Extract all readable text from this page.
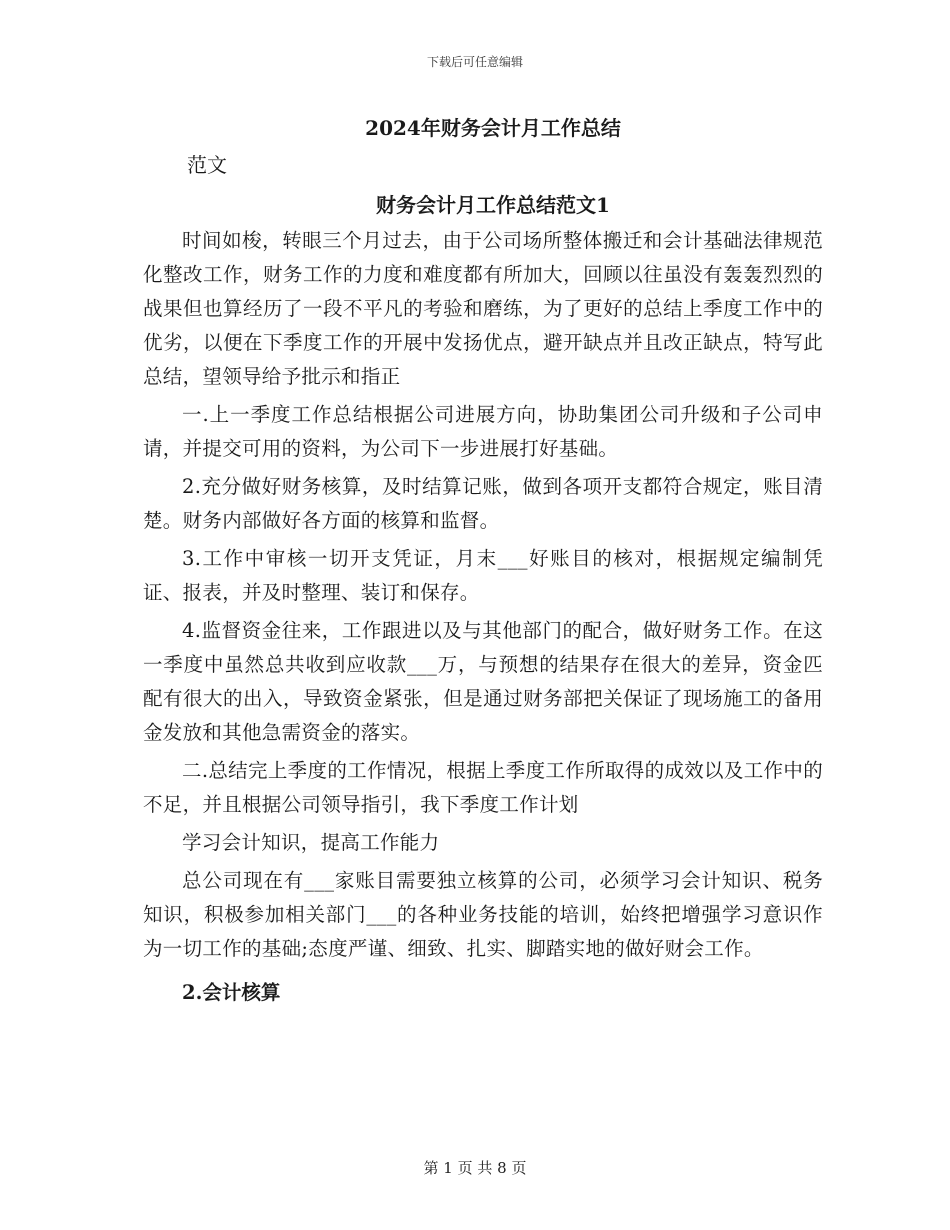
下载后可任意编辑
2024年财务会计月工作总结
范文
财务会计月工作总结范文1

时间如梭，转眼三个月过去，由于公司场所整体搬迁和会计基础法律规范化整改工作，财务工作的力度和难度都有所加大，回顾以往虽没有轰轰烈烈的战果但也算经历了一段不平凡的考验和磨练，为了更好的总结上季度工作中的优劣，以便在下季度工作的开展中发扬优点，避开缺点并且改正缺点，特写此总结，望领导给予批示和指正

一.上一季度工作总结根据公司进展方向，协助集团公司升级和子公司申请，并提交可用的资料，为公司下一步进展打好基础。

2.充分做好财务核算，及时结算记账，做到各项开支都符合规定，账目清楚。财务内部做好各方面的核算和监督。

3.工作中审核一切开支凭证，月末___好账目的核对，根据规定编制凭证、报表，并及时整理、装订和保存。

4.监督资金往来，工作跟进以及与其他部门的配合，做好财务工作。在这一季度中虽然总共收到应收款___万，与预想的结果存在很大的差异，资金匹配有很大的出入，导致资金紧张，但是通过财务部把关保证了现场施工的备用金发放和其他急需资金的落实。

二.总结完上季度的工作情况，根据上季度工作所取得的成效以及工作中的不足，并且根据公司领导指引，我下季度工作计划

学习会计知识，提高工作能力

总公司现在有___家账目需要独立核算的公司，必须学习会计知识、税务知识，积极参加相关部门___的各种业务技能的培训，始终把增强学习意识作为一切工作的基础;态度严谨、细致、扎实、脚踏实地的做好财会工作。

2.会计核算
第 1 页 共 8 页
